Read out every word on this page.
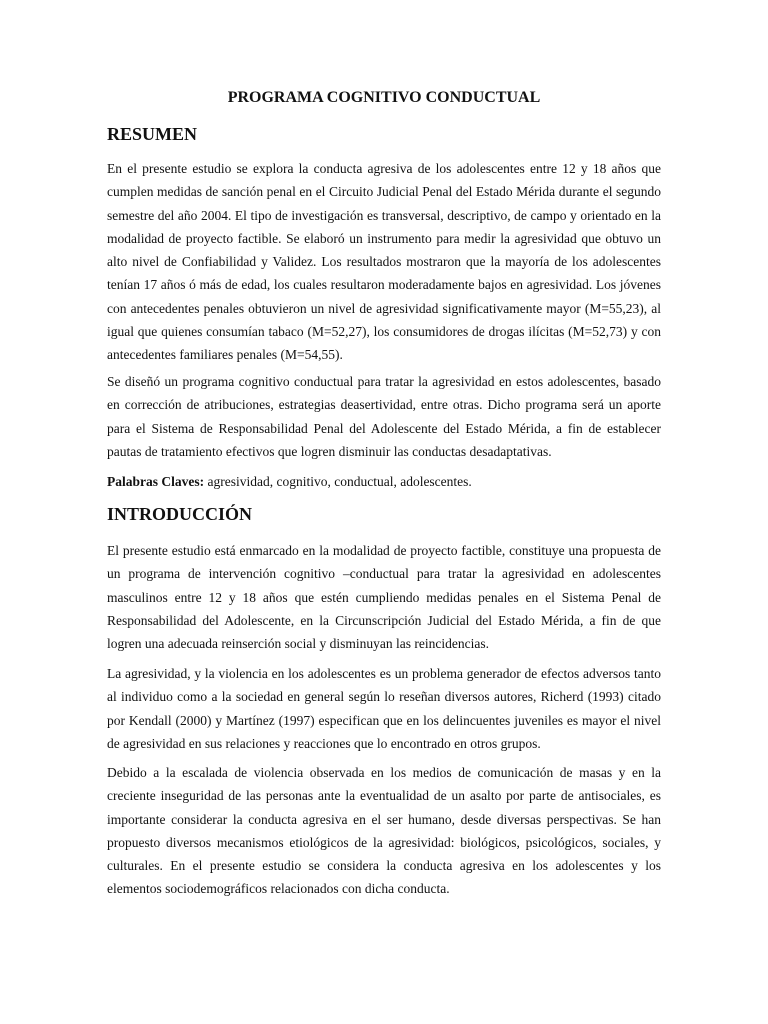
PROGRAMA COGNITIVO CONDUCTUAL

RESUMEN

En el presente estudio se explora la conducta agresiva de los adolescentes entre 12 y 18 años que cumplen medidas de sanción penal en el Circuito Judicial Penal del Estado Mérida durante el segundo semestre del año 2004. El tipo de investigación es transversal, descriptivo, de campo y orientado en la modalidad de proyecto factible. Se elaboró un instrumento para medir la agresividad que obtuvo un alto nivel de Confiabilidad y Validez. Los resultados mostraron que la mayoría de los adolescentes tenían 17 años ó más de edad, los cuales resultaron moderadamente bajos en agresividad. Los jóvenes con antecedentes penales obtuvieron un nivel de agresividad significativamente mayor (M=55,23), al igual que quienes consumían tabaco (M=52,27), los consumidores de drogas ilícitas (M=52,73) y con antecedentes familiares penales (M=54,55).

Se diseñó un programa cognitivo conductual para tratar la agresividad en estos adolescentes, basado en corrección de atribuciones, estrategias deasertividad, entre otras. Dicho programa será un aporte para el Sistema de Responsabilidad Penal del Adolescente del Estado Mérida, a fin de establecer pautas de tratamiento efectivos que logren disminuir las conductas desadaptativas.

Palabras Claves: agresividad, cognitivo, conductual, adolescentes.

INTRODUCCIÓN

El presente estudio está enmarcado en la modalidad de proyecto factible, constituye una propuesta de un programa de intervención cognitivo –conductual para tratar la agresividad en adolescentes masculinos entre 12 y 18 años que estén cumpliendo medidas penales en el Sistema Penal de Responsabilidad del Adolescente, en la Circunscripción Judicial del Estado Mérida, a fin de que logren una adecuada reinserción social y disminuyan las reincidencias.

La agresividad, y la violencia en los adolescentes es un problema generador de efectos adversos tanto al individuo como a la sociedad en general según lo reseñan diversos autores, Richerd (1993) citado por Kendall (2000) y Martínez (1997) especifican que en los delincuentes juveniles es mayor el nivel de agresividad en sus relaciones y reacciones que lo encontrado en otros grupos.

Debido a la escalada de violencia observada en los medios de comunicación de masas y en la creciente inseguridad de las personas ante la eventualidad de un asalto por parte de antisociales, es importante considerar la conducta agresiva en el ser humano, desde diversas perspectivas. Se han propuesto diversos mecanismos etiológicos de la agresividad: biológicos, psicológicos, sociales, y culturales. En el presente estudio se considera la conducta agresiva en los adolescentes y los elementos sociodemográficos relacionados con dicha conducta.
